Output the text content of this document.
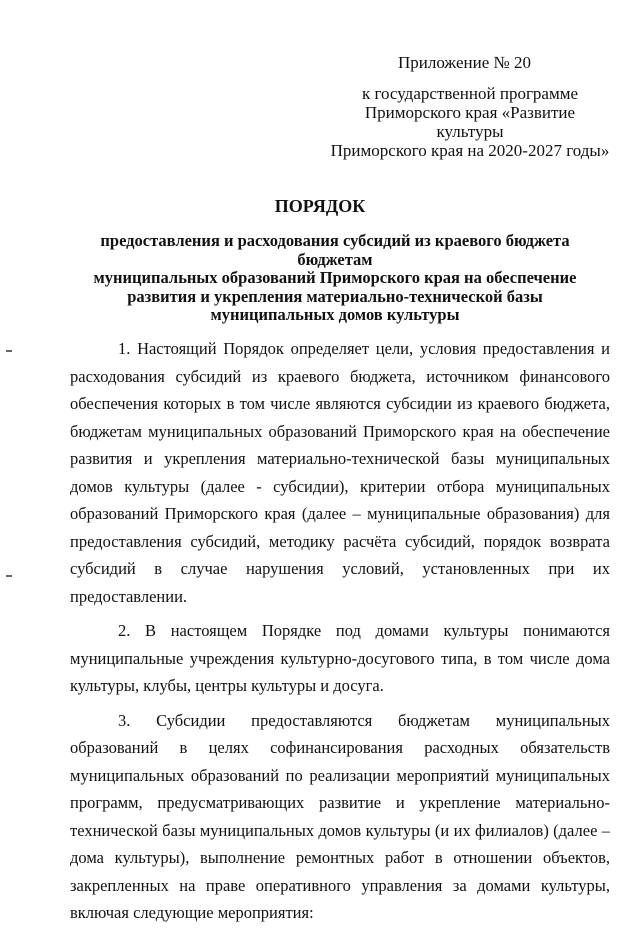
Приложение № 20
к государственной программе
Приморского края «Развитие культуры
Приморского края на 2020-2027 годы»
ПОРЯДОК
предоставления и расходования субсидий из краевого бюджета бюджетам
муниципальных образований Приморского края на обеспечение
развития и укрепления материально-технической базы
муниципальных домов культуры

1. Настоящий Порядок определяет цели, условия предоставления и расходования субсидий из краевого бюджета, источником финансового обеспечения которых в том числе являются субсидии из краевого бюджета, бюджетам муниципальных образований Приморского края на обеспечение развития и укрепления материально-технической базы муниципальных домов культуры (далее - субсидии), критерии отбора муниципальных образований Приморского края (далее – муниципальные образования) для предоставления субсидий, методику расчёта субсидий, порядок возврата субсидий в случае нарушения условий, установленных при их предоставлении.

2. В настоящем Порядке под домами культуры понимаются муниципальные учреждения культурно-досугового типа, в том числе дома культуры, клубы, центры культуры и досуга.

3. Субсидии предоставляются бюджетам муниципальных образований в целях софинансирования расходных обязательств муниципальных образований по реализации мероприятий муниципальных программ, предусматривающих развитие и укрепление материально-технической базы муниципальных домов культуры (и их филиалов) (далее – дома культуры), выполнение ремонтных работ в отношении объектов, закрепленных на праве оперативного управления за домами культуры, включая следующие мероприятия:
